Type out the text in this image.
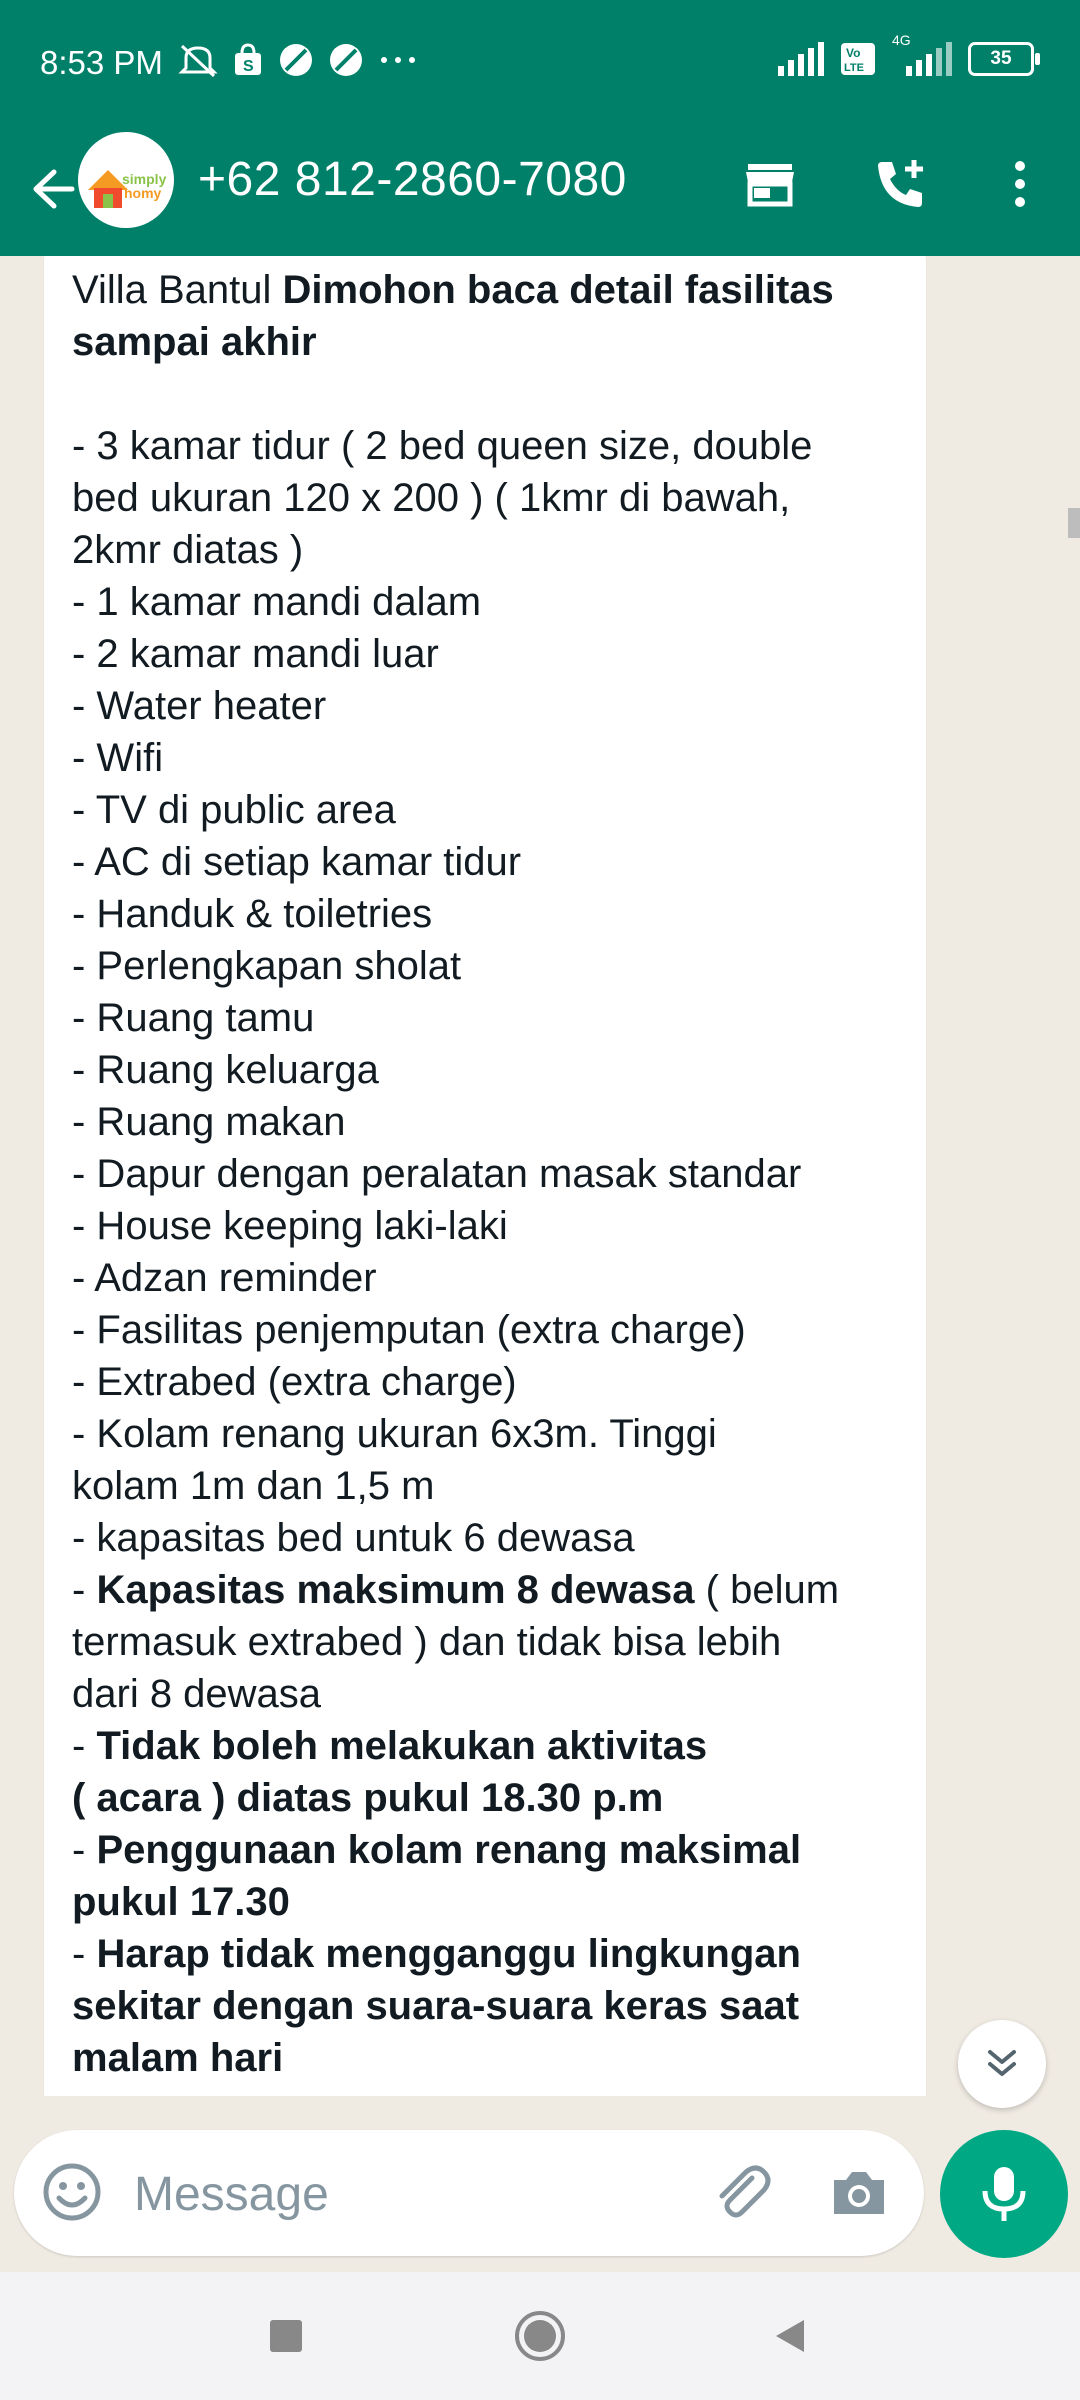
8:53 PM	S
Vo
LTE
4G
35
simply
homy +62 812-2860-7080
Villa Bantul Dimohon baca detail fasilitas
sampai akhir

- 3 kamar tidur ( 2 bed queen size, double
bed ukuran 120 x 200 ) ( 1kmr di bawah,
2kmr diatas )
- 1 kamar mandi dalam
- 2 kamar mandi luar
- Water heater
- Wifi
- TV di public area
- AC di setiap kamar tidur
- Handuk & toiletries
- Perlengkapan sholat
- Ruang tamu
- Ruang keluarga
- Ruang makan
- Dapur dengan peralatan masak standar
- House keeping laki-laki
- Adzan reminder
- Fasilitas penjemputan (extra charge)
- Extrabed (extra charge)
- Kolam renang ukuran 6x3m. Tinggi
kolam 1m dan 1,5 m
- kapasitas bed untuk 6 dewasa
- Kapasitas maksimum 8 dewasa ( belum
termasuk extrabed ) dan tidak bisa lebih
dari 8 dewasa
- Tidak boleh melakukan aktivitas
( acara ) diatas pukul 18.30 p.m
- Penggunaan kolam renang maksimal
pukul 17.30
- Harap tidak mengganggu lingkungan
sekitar dengan suara-suara keras saat
malam hari
Message
